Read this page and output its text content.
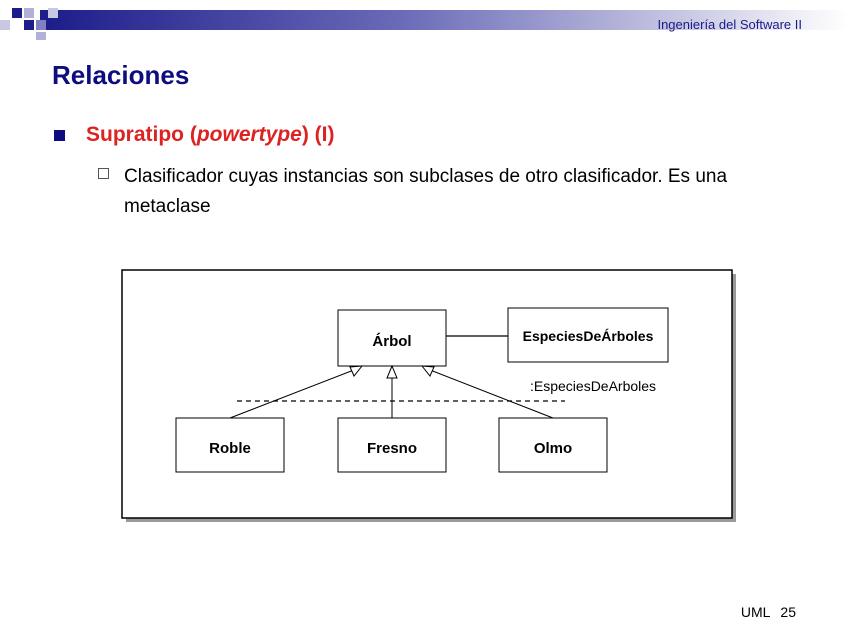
Ingeniería del Software II
Relaciones
Supratipo (powertype) (I)
Clasificador cuyas instancias son subclases de otro clasificador. Es una metaclase
Árbol	EspeciesDeÁrboles
:EspeciesDeArboles
Roble	Fresno	Olmo
UML 25
